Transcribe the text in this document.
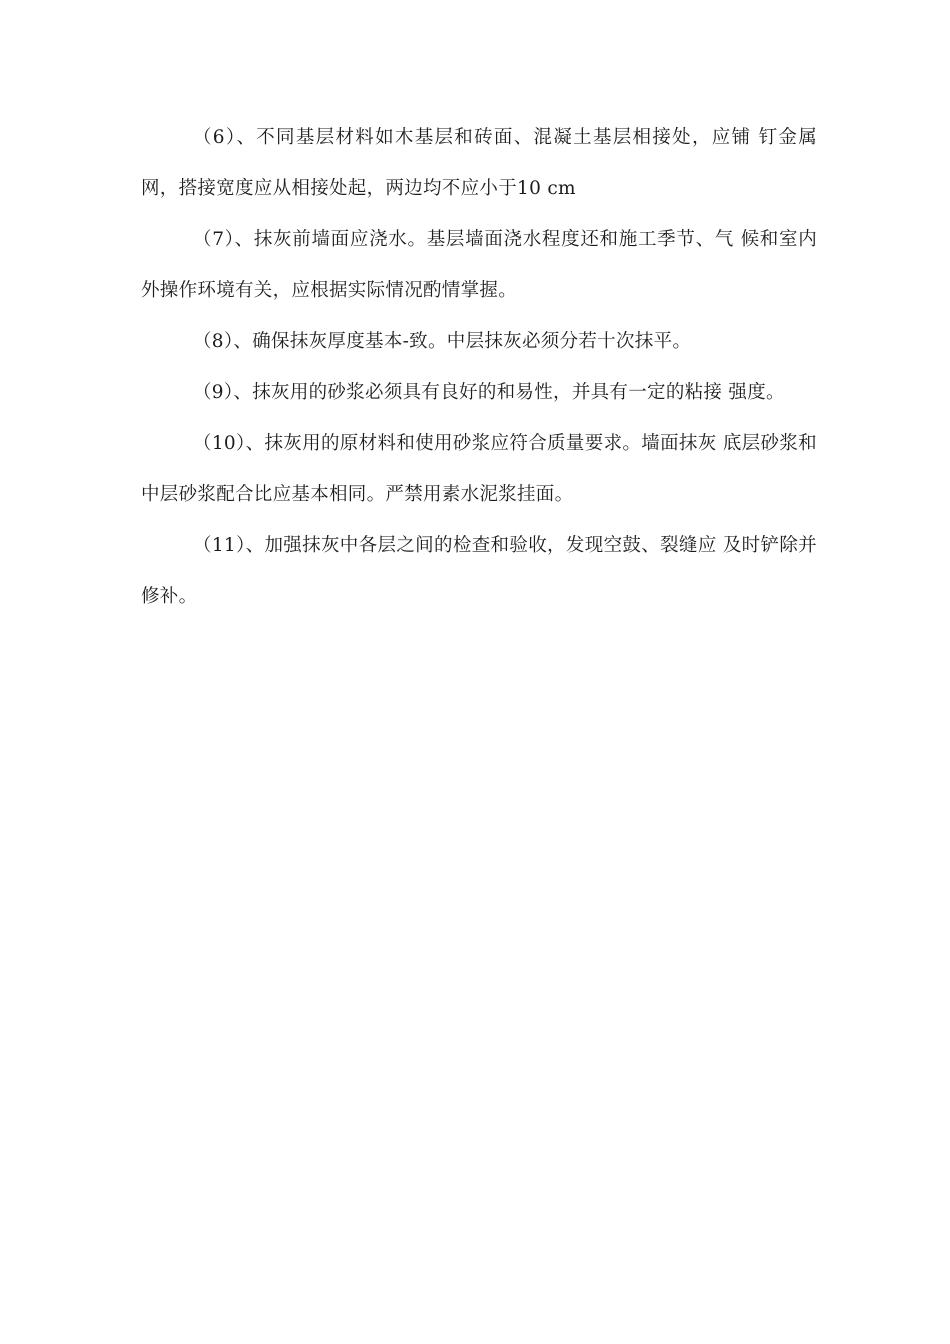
（6）、不同基层材料如木基层和砖面、混凝土基层相接处，应铺 钉金属网，搭接宽度应从相接处起，两边均不应小于10 cm

（7）、抹灰前墙面应浇水。基层墙面浇水程度还和施工季节、气 候和室内外操作环境有关，应根据实际情况酌情掌握。

（8）、确保抹灰厚度基本-致。中层抹灰必须分若十次抹平。

（9）、抹灰用的砂浆必须具有良好的和易性，并具有一定的粘接 强度。

（10）、抹灰用的原材料和使用砂浆应符合质量要求。墙面抹灰 底层砂浆和中层砂浆配合比应基本相同。严禁用素水泥浆挂面。

（11）、加强抹灰中各层之间的检查和验收，发现空鼓、裂缝应 及时铲除并修补。
